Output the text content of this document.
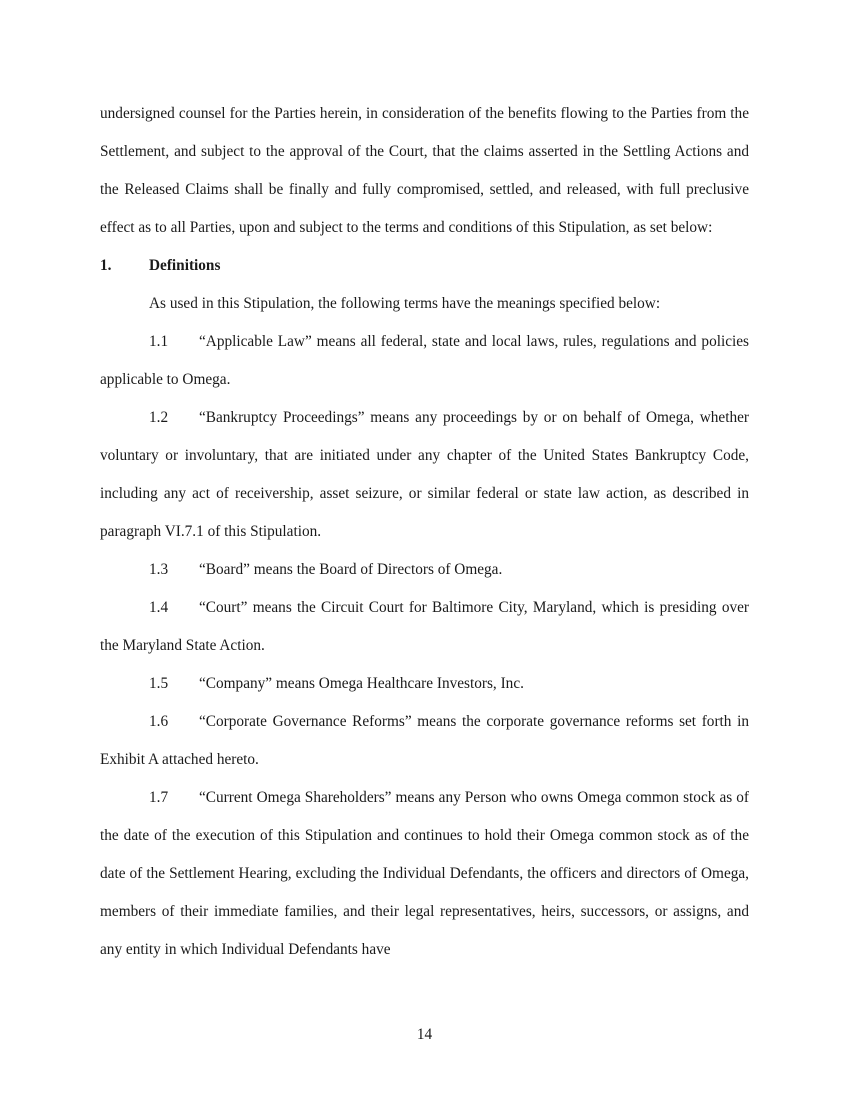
undersigned counsel for the Parties herein, in consideration of the benefits flowing to the Parties from the Settlement, and subject to the approval of the Court, that the claims asserted in the Settling Actions and the Released Claims shall be finally and fully compromised, settled, and released, with full preclusive effect as to all Parties, upon and subject to the terms and conditions of this Stipulation, as set below:

1. Definitions

As used in this Stipulation, the following terms have the meanings specified below:

1.1 “Applicable Law” means all federal, state and local laws, rules, regulations and policies applicable to Omega.

1.2 “Bankruptcy Proceedings” means any proceedings by or on behalf of Omega, whether voluntary or involuntary, that are initiated under any chapter of the United States Bankruptcy Code, including any act of receivership, asset seizure, or similar federal or state law action, as described in paragraph VI.7.1 of this Stipulation.

1.3 “Board” means the Board of Directors of Omega.

1.4 “Court” means the Circuit Court for Baltimore City, Maryland, which is presiding over the Maryland State Action.

1.5 “Company” means Omega Healthcare Investors, Inc.

1.6 “Corporate Governance Reforms” means the corporate governance reforms set forth in Exhibit A attached hereto.

1.7 “Current Omega Shareholders” means any Person who owns Omega common stock as of the date of the execution of this Stipulation and continues to hold their Omega common stock as of the date of the Settlement Hearing, excluding the Individual Defendants, the officers and directors of Omega, members of their immediate families, and their legal representatives, heirs, successors, or assigns, and any entity in which Individual Defendants have

14
